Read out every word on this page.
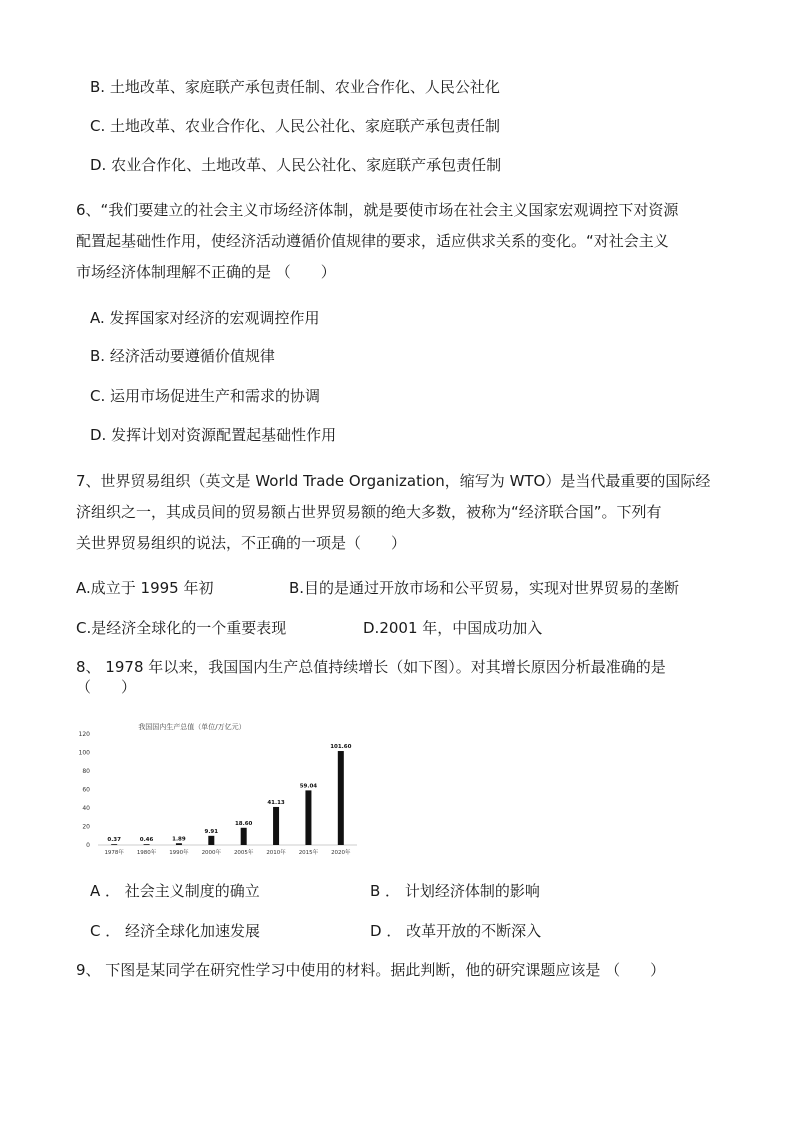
B. 土地改革、家庭联产承包责任制、农业合作化、人民公社化
C. 土地改革、农业合作化、人民公社化、家庭联产承包责任制
D. 农业合作化、土地改革、人民公社化、家庭联产承包责任制
6、“我们要建立的社会主义市场经济体制，就是要使市场在社会主义国家宏观调控下对资源
配置起基础性作用，使经济活动遵循价值规律的要求，适应供求关系的变化。“对社会主义
市场经济体制理解不正确的是 （　　）
A. 发挥国家对经济的宏观调控作用
B. 经济活动要遵循价值规律
C. 运用市场促进生产和需求的协调
D. 发挥计划对资源配置起基础性作用
7、世界贸易组织（英文是 World Trade Organization，缩写为 WTO）是当代最重要的国际经
济组织之一，其成员间的贸易额占世界贸易额的绝大多数，被称为“经济联合国”。下列有
关世界贸易组织的说法，不正确的一项是（　　）
A.成立于 1995 年初	B.目的是通过开放市场和公平贸易，实现对世界贸易的垄断
C.是经济全球化的一个重要表现	D.2001 年，中国成功加入
8、 1978 年以来，我国国内生产总值持续增长（如下图）。对其增长原因分析最准确的是
（　　）
我国国内生产总值（单位/万亿元）
0
20
40
60
80
100
120
0.37
1978年
0.46
1980年
1.89
1990年
9.91
2000年
18.60
2005年
41.13
2010年
59.04
2015年
101.60
2020年
A ． 社会主义制度的确立	B ． 计划经济体制的影响
C ． 经济全球化加速发展	D ． 改革开放的不断深入
9、 下图是某同学在研究性学习中使用的材料。据此判断，他的研究课题应该是 （　　）
